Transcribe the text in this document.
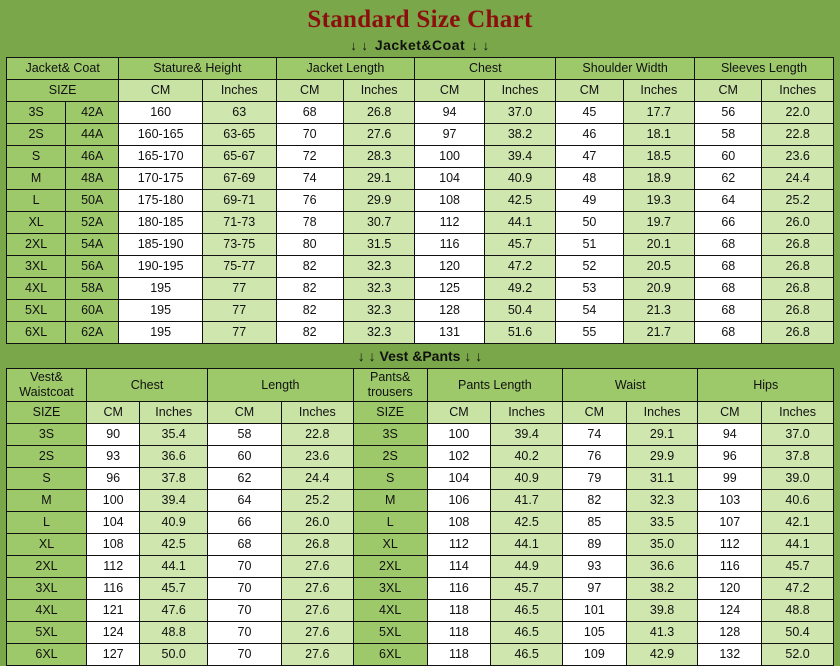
Standard Size Chart
↓ ↓ Jacket&Coat ↓ ↓
Jacket& Coat		Stature& Height		Jacket Length		Chest		Shoulder Width		Sleeves Length	
SIZE		CM	Inches	CM	Inches	CM	Inches	CM	Inches	CM	Inches
3S	42A	160	63	68	26.8	94	37.0	45	17.7	56	22.0
2S	44A	160-165	63-65	70	27.6	97	38.2	46	18.1	58	22.8
S	46A	165-170	65-67	72	28.3	100	39.4	47	18.5	60	23.6
M	48A	170-175	67-69	74	29.1	104	40.9	48	18.9	62	24.4
L	50A	175-180	69-71	76	29.9	108	42.5	49	19.3	64	25.2
XL	52A	180-185	71-73	78	30.7	112	44.1	50	19.7	66	26.0
2XL	54A	185-190	73-75	80	31.5	116	45.7	51	20.1	68	26.8
3XL	56A	190-195	75-77	82	32.3	120	47.2	52	20.5	68	26.8
4XL	58A	195	77	82	32.3	125	49.2	53	20.9	68	26.8
5XL	60A	195	77	82	32.3	128	50.4	54	21.3	68	26.8
6XL	62A	195	77	82	32.3	131	51.6	55	21.7	68	26.8
↓ ↓ Vest &Pants ↓ ↓
Vest& Waistcoat	Chest		Length		Pants& trousers	Pants Length		Waist		Hips	
SIZE	CM	Inches	CM	Inches	SIZE	CM	Inches	CM	Inches	CM	Inches
3S	90	35.4	58	22.8	3S	100	39.4	74	29.1	94	37.0
2S	93	36.6	60	23.6	2S	102	40.2	76	29.9	96	37.8
S	96	37.8	62	24.4	S	104	40.9	79	31.1	99	39.0
M	100	39.4	64	25.2	M	106	41.7	82	32.3	103	40.6
L	104	40.9	66	26.0	L	108	42.5	85	33.5	107	42.1
XL	108	42.5	68	26.8	XL	112	44.1	89	35.0	112	44.1
2XL	112	44.1	70	27.6	2XL	114	44.9	93	36.6	116	45.7
3XL	116	45.7	70	27.6	3XL	116	45.7	97	38.2	120	47.2
4XL	121	47.6	70	27.6	4XL	118	46.5	101	39.8	124	48.8
5XL	124	48.8	70	27.6	5XL	118	46.5	105	41.3	128	50.4
6XL	127	50.0	70	27.6	6XL	118	46.5	109	42.9	132	52.0
